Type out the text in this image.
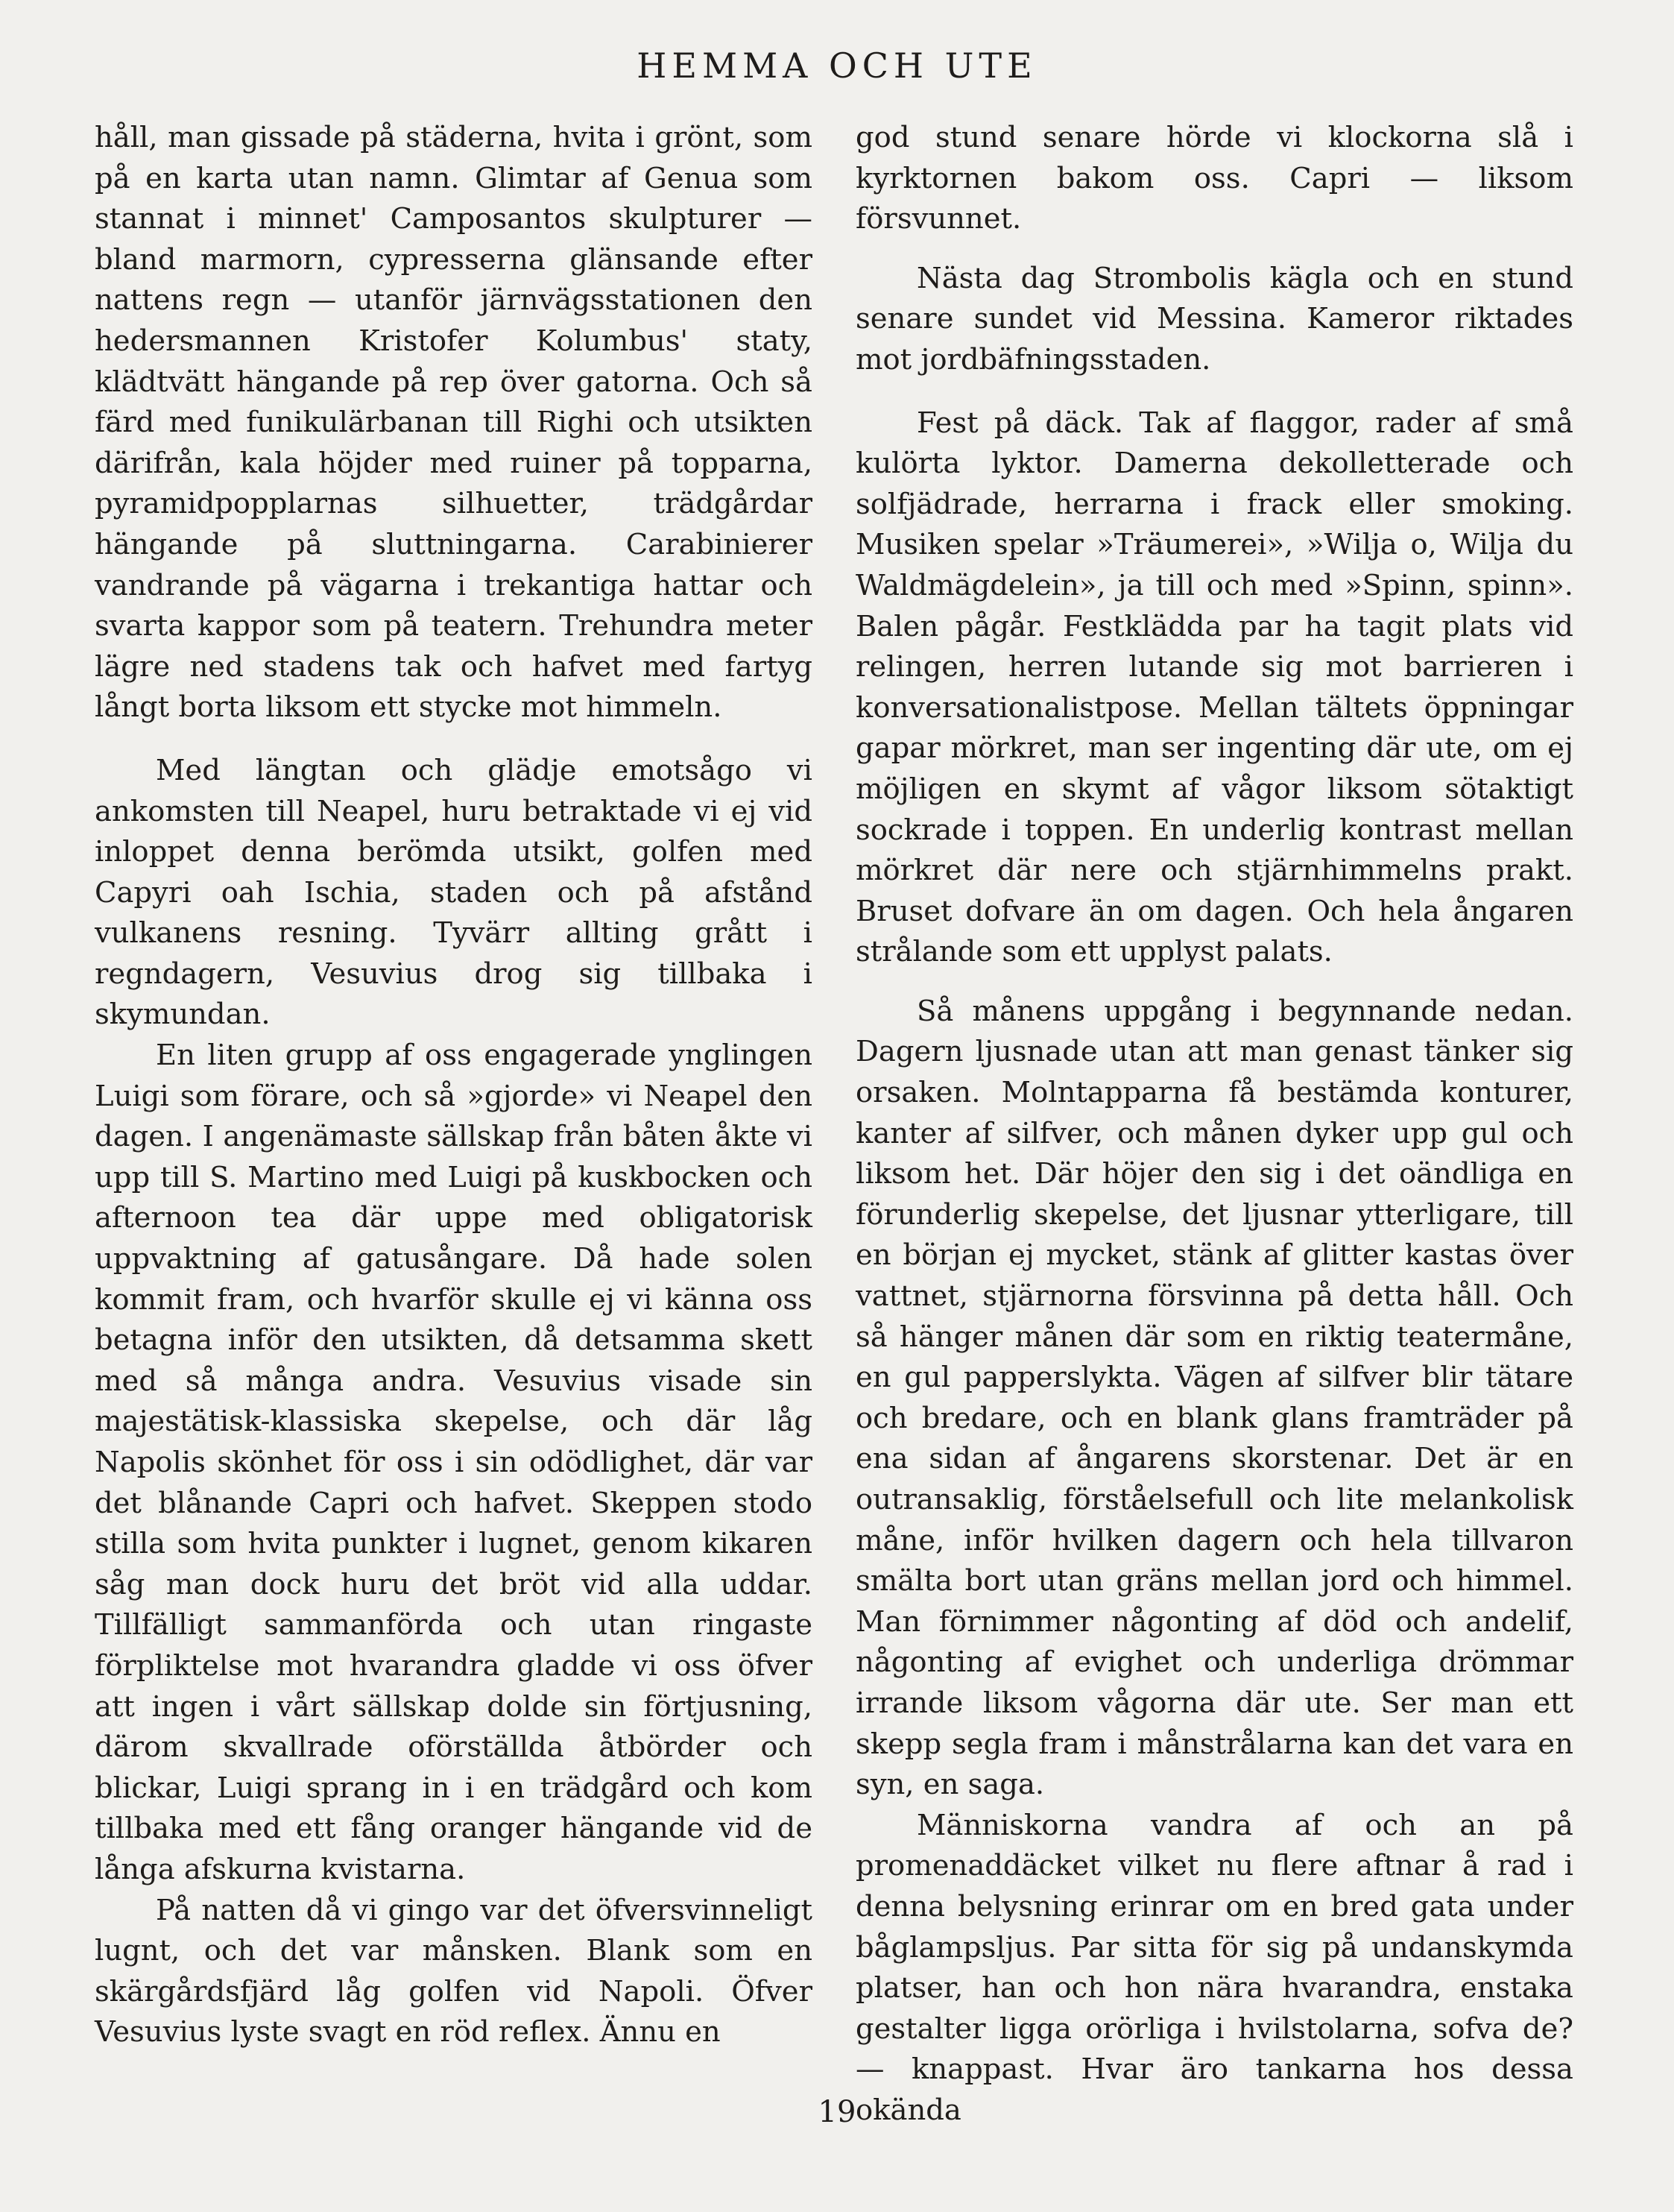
HEMMA OCH UTE

håll, man gissade på städerna, hvita i grönt, som på en karta utan namn. Glimtar af Genua som stannat i minnet' Camposantos skulpturer — bland marmorn, cypresserna glänsande efter nattens regn — utanför järnvägsstationen den hedersmannen Kristofer Kolumbus' staty, klädtvätt hängande på rep över gatorna. Och så färd med funikulärbanan till Righi och utsikten därifrån, kala höjder med ruiner på topparna, pyramidpopplarnas silhuetter, trädgårdar hängande på sluttningarna. Carabinierer vandrande på vägarna i trekantiga hattar och svarta kappor som på teatern. Trehundra meter lägre ned stadens tak och hafvet med fartyg långt borta liksom ett stycke mot himmeln.

Med längtan och glädje emotsågo vi ankomsten till Neapel, huru betraktade vi ej vid inloppet denna berömda utsikt, golfen med Capyri oah Ischia, staden och på afstånd vulkanens resning. Tyvärr allting grått i regndagern, Vesuvius drog sig tillbaka i skymundan.

En liten grupp af oss engagerade ynglingen Luigi som förare, och så »gjorde» vi Neapel den dagen. I angenämaste sällskap från båten åkte vi upp till S. Martino med Luigi på kuskbocken och afternoon tea där uppe med obligatorisk uppvaktning af gatusångare. Då hade solen kommit fram, och hvarför skulle ej vi känna oss betagna inför den utsikten, då detsamma skett med så många andra. Vesuvius visade sin majestätisk-klassiska skepelse, och där låg Napolis skönhet för oss i sin odödlighet, där var det blånande Capri och hafvet. Skeppen stodo stilla som hvita punkter i lugnet, genom kikaren såg man dock huru det bröt vid alla uddar. Tillfälligt sammanförda och utan ringaste förpliktelse mot hvarandra gladde vi oss öfver att ingen i vårt sällskap dolde sin förtjusning, därom skvallrade oförställda åtbörder och blickar, Luigi sprang in i en trädgård och kom tillbaka med ett fång oranger hängande vid de långa afskurna kvistarna.

På natten då vi gingo var det öfversvinneligt lugnt, och det var månsken. Blank som en skärgårdsfjärd låg golfen vid Napoli. Öfver Vesuvius lyste svagt en röd reflex. Ännu en

god stund senare hörde vi klockorna slå i kyrktornen bakom oss. Capri — liksom försvunnet.

Nästa dag Strombolis kägla och en stund senare sundet vid Messina. Kameror riktades mot jordbäfningsstaden.

Fest på däck. Tak af flaggor, rader af små kulörta lyktor. Damerna dekolletterade och solfjädrade, herrarna i frack eller smoking. Musiken spelar »Träumerei», »Wilja o, Wilja du Waldmägdelein», ja till och med »Spinn, spinn». Balen pågår. Festklädda par ha tagit plats vid relingen, herren lutande sig mot barrieren i konversationalistpose. Mellan tältets öppningar gapar mörkret, man ser ingenting där ute, om ej möjligen en skymt af vågor liksom sötaktigt sockrade i toppen. En underlig kontrast mellan mörkret där nere och stjärnhimmelns prakt. Bruset dofvare än om dagen. Och hela ångaren strålande som ett upplyst palats.

Så månens uppgång i begynnande nedan. Dagern ljusnade utan att man genast tänker sig orsaken. Molntapparna få bestämda konturer, kanter af silfver, och månen dyker upp gul och liksom het. Där höjer den sig i det oändliga en förunderlig skepelse, det ljusnar ytterligare, till en början ej mycket, stänk af glitter kastas över vattnet, stjärnorna försvinna på detta håll. Och så hänger månen där som en riktig teatermåne, en gul papperslykta. Vägen af silfver blir tätare och bredare, och en blank glans framträder på ena sidan af ångarens skorstenar. Det är en outransaklig, förståelsefull och lite melankolisk måne, inför hvilken dagern och hela tillvaron smälta bort utan gräns mellan jord och himmel. Man förnimmer någonting af död och andelif, någonting af evighet och underliga drömmar irrande liksom vågorna där ute. Ser man ett skepp segla fram i månstrålarna kan det vara en syn, en saga.

Människorna vandra af och an på promenaddäcket vilket nu flere aftnar å rad i denna belysning erinrar om en bred gata under båglampsljus. Par sitta för sig på undanskymda platser, han och hon nära hvarandra, enstaka gestalter ligga orörliga i hvilstolarna, sofva de? — knappast. Hvar äro tankarna hos dessa okända

19
